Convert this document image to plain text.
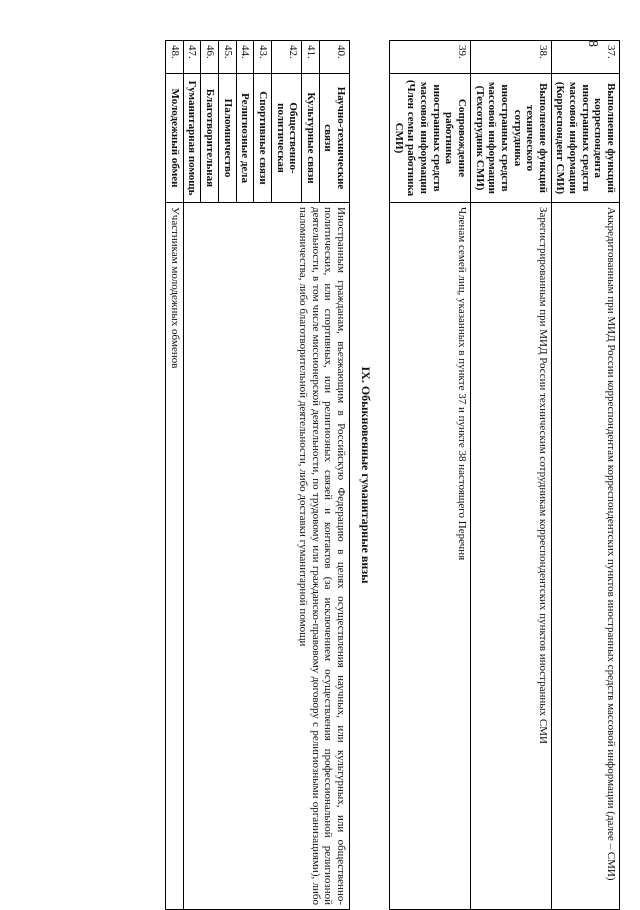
8
37.	Выполнение функций корреспондента иностранных средств массовой информации (Корреспондент СМИ)	Аккредитованным при МИД России корреспондентам корреспондентских пунктов иностранных средств массовой информации (далее – СМИ)
38.	Выполнение функций технического сотрудника иностранных средств массовой информации (Техсотрудник СМИ)	Зарегистрированным при МИД России техническим сотрудникам корреспондентских пунктов иностранных СМИ
39.	Сопровождение работника иностранных средств массовой информации (Член семьи работника СМИ)	Членам семей лиц, указанных в пункте 37 и пункте 38 настоящего Перечня
IX. Обыкновенные гуманитарные визы
40.	Научно-технические связи	Иностранным гражданам, въезжающим в Российскую Федерацию в целях осуществления научных, или культурных, или общественно-политических, или спортивных, или религиозных связей и контактов (за исключением осуществления профессиональной религиозной деятельности, в том числе миссионерской деятельности, по трудовому или гражданско-правовому договору с религиозными организациями), либо паломничества, либо благотворительной деятельности, либо доставки гуманитарной помощи
41.	Культурные связи	
42.	Общественно-политическая	
43.	Спортивные связи	
44.	Религиозные дела	
45.	Паломничество	
46.	Благотворительная	
47.	Гуманитарная помощь	
48.	Молодежный обмен	Участникам молодежных обменов
